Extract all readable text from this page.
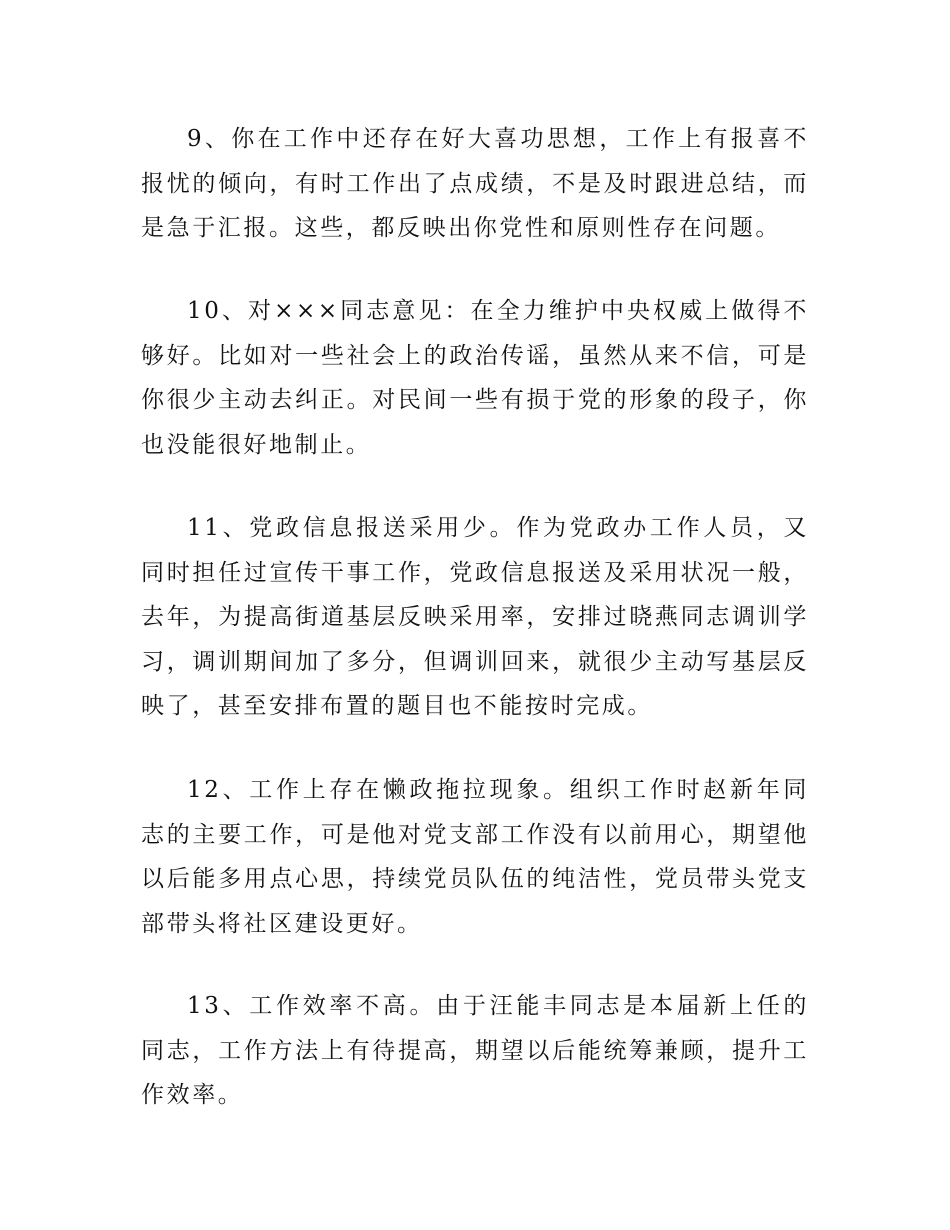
9、你在工作中还存在好大喜功思想，工作上有报喜不报忧的倾向，有时工作出了点成绩，不是及时跟进总结，而是急于汇报。这些，都反映出你党性和原则性存在问题。

10、对×××同志意见：在全力维护中央权威上做得不够好。比如对一些社会上的政治传谣，虽然从来不信，可是你很少主动去纠正。对民间一些有损于党的形象的段子，你也没能很好地制止。

11、党政信息报送采用少。作为党政办工作人员，又同时担任过宣传干事工作，党政信息报送及采用状况一般，去年，为提高街道基层反映采用率，安排过晓燕同志调训学习，调训期间加了多分，但调训回来，就很少主动写基层反映了，甚至安排布置的题目也不能按时完成。

12、工作上存在懒政拖拉现象。组织工作时赵新年同志的主要工作，可是他对党支部工作没有以前用心，期望他以后能多用点心思，持续党员队伍的纯洁性，党员带头党支部带头将社区建设更好。

13、工作效率不高。由于汪能丰同志是本届新上任的同志，工作方法上有待提高，期望以后能统筹兼顾，提升工作效率。
